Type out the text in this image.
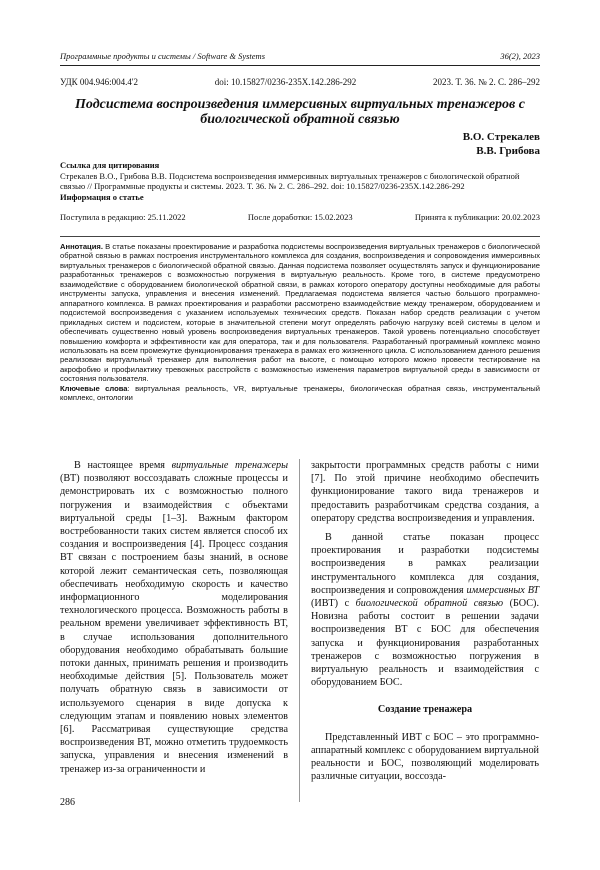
Программные продукты и системы / Software & Systems	36(2), 2023
УДК 004.946:004.4'2	doi: 10.15827/0236-235X.142.286-292	2023. Т. 36. № 2. С. 286–292
Подсистема воспроизведения иммерсивных виртуальных тренажеров с биологической обратной связью
В.О. Стрекалев
В.В. Грибова
Ссылка для цитирования
Стрекалев В.О., Грибова В.В. Подсистема воспроизведения иммерсивных виртуальных тренажеров с биологической обратной связью // Программные продукты и системы. 2023. Т. 36. № 2. С. 286–292. doi: 10.15827/0236-235X.142.286-292
Информация о статье
Поступила в редакцию: 25.11.2022	После доработки: 15.02.2023	Принята к публикации: 20.02.2023
Аннотация. В статье показаны проектирование и разработка подсистемы воспроизведения виртуальных тренажеров с биологической обратной связью в рамках построения инструментального комплекса для создания, воспроизведения и сопровождения иммерсивных виртуальных тренажеров с биологической обратной связью. Данная подсистема позволяет осуществлять запуск и функционирование разработанных тренажеров с возможностью погружения в виртуальную реальность. Кроме того, в системе предусмотрено взаимодействие с оборудованием биологической обратной связи, в рамках которого оператору доступны необходимые для работы инструменты запуска, управления и внесения изменений. Предлагаемая подсистема является частью большого программно-аппаратного комплекса. В рамках проектирования и разработки рассмотрено взаимодействие между тренажером, оборудованием и подсистемой воспроизведения с указанием используемых технических средств. Показан набор средств реализации с учетом прикладных систем и подсистем, которые в значительной степени могут определять рабочую нагрузку всей системы в целом и обеспечивать существенно новый уровень воспроизведения виртуальных тренажеров. Такой уровень потенциально способствует повышению комфорта и эффективности как для оператора, так и для пользователя. Разработанный программный комплекс можно использовать на всем промежутке функционирования тренажера в рамках его жизненного цикла. С использованием данного решения реализован виртуальный тренажер для выполнения работ на высоте, с помощью которого можно провести тестирование на акрофобию и профилактику тревожных расстройств с возможностью изменения параметров виртуальной среды в зависимости от состояния пользователя.
Ключевые слова: виртуальная реальность, VR, виртуальные тренажеры, биологическая обратная связь, инструментальный комплекс, онтологии

В настоящее время виртуальные тренажеры (ВТ) позволяют воссоздавать сложные процессы и демонстрировать их с возможностью полного погружения и взаимодействия с объектами виртуальной среды [1–3]. Важным фактором востребованности таких систем является способ их создания и воспроизведения [4]. Процесс создания ВТ связан с построением базы знаний, в основе которой лежит семантическая сеть, позволяющая обеспечивать необходимую скорость и качество информационного моделирования технологического процесса. Возможность работы в реальном времени увеличивает эффективность ВТ, в случае использования дополнительного оборудования необходимо обрабатывать большие потоки данных, принимать решения и производить необходимые действия [5]. Пользователь может получать обратную связь в зависимости от используемого сценария в виде допуска к следующим этапам и появлению новых элементов [6]. Рассматривая существующие средства воспроизведения ВТ, можно отметить трудоемкость запуска, управления и внесения изменений в тренажер из-за ограниченности и

закрытости программных средств работы с ними [7]. По этой причине необходимо обеспечить функционирование такого вида тренажеров и предоставить разработчикам средства создания, а оператору средства воспроизведения и управления.

В данной статье показан процесс проектирования и разработки подсистемы воспроизведения в рамках реализации инструментального комплекса для создания, воспроизведения и сопровождения иммерсивных ВТ (ИВТ) с биологической обратной связью (БОС). Новизна работы состоит в решении задачи воспроизведения ВТ с БОС для обеспечения запуска и функционирования разработанных тренажеров с возможностью погружения в виртуальную реальность и взаимодействия с оборудованием БОС.

Создание тренажера

Представленный ИВТ с БОС – это программно-аппаратный комплекс с оборудованием виртуальной реальности и БОС, позволяющий моделировать различные ситуации, воссозда-

286
